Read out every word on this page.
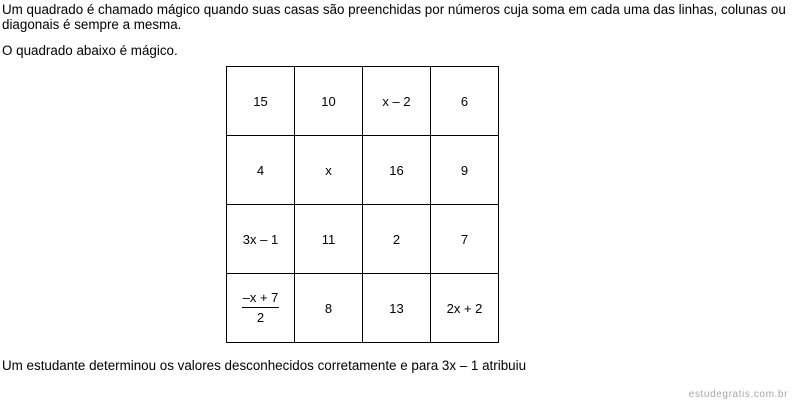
Um quadrado é chamado mágico quando suas casas são preenchidas por números cuja soma em cada uma das linhas, colunas ou diagonais é sempre a mesma.

O quadrado abaixo é mágico.

15	10	x – 2	6
4	x	16	9
3x – 1	11	2	7

$\frac{-x + 7}{2}$	8	13	2x + 2

Um estudante determinou os valores desconhecidos corretamente e para 3x – 1 atribuiu

estudegratis.com.br
